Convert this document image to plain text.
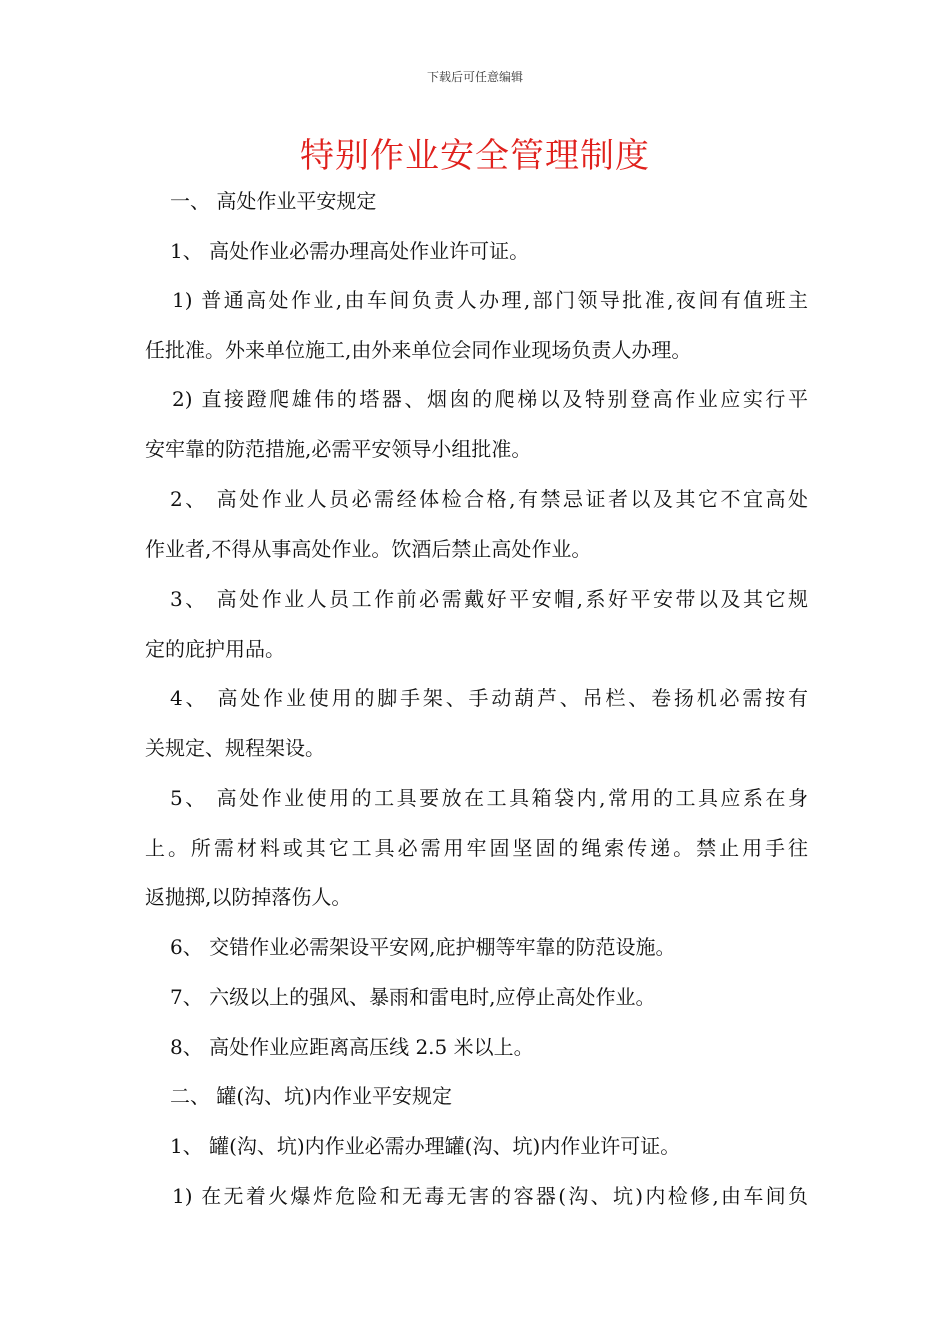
下载后可任意编辑
特别作业安全管理制度
一、 高处作业平安规定
1、 高处作业必需办理高处作业许可证。
1) 普通高处作业,由车间负责人办理,部门领导批准,夜间有值班主
任批准。外来单位施工,由外来单位会同作业现场负责人办理。
2) 直接蹬爬雄伟的塔器、烟囱的爬梯以及特别登高作业应实行平
安牢靠的防范措施,必需平安领导小组批准。
2、 高处作业人员必需经体检合格,有禁忌证者以及其它不宜高处
作业者,不得从事高处作业。饮酒后禁止高处作业。
3、 高处作业人员工作前必需戴好平安帽,系好平安带以及其它规
定的庇护用品。
4、 高处作业使用的脚手架、手动葫芦、吊栏、卷扬机必需按有
关规定、规程架设。
5、 高处作业使用的工具要放在工具箱袋内,常用的工具应系在身
上。所需材料或其它工具必需用牢固坚固的绳索传递。禁止用手往
返抛掷,以防掉落伤人。
6、 交错作业必需架设平安网,庇护棚等牢靠的防范设施。
7、 六级以上的强风、暴雨和雷电时,应停止高处作业。
8、 高处作业应距离高压线 2.5 米以上。
二、 罐(沟、坑)内作业平安规定
1、 罐(沟、坑)内作业必需办理罐(沟、坑)内作业许可证。
1) 在无着火爆炸危险和无毒无害的容器(沟、坑)内检修,由车间负
